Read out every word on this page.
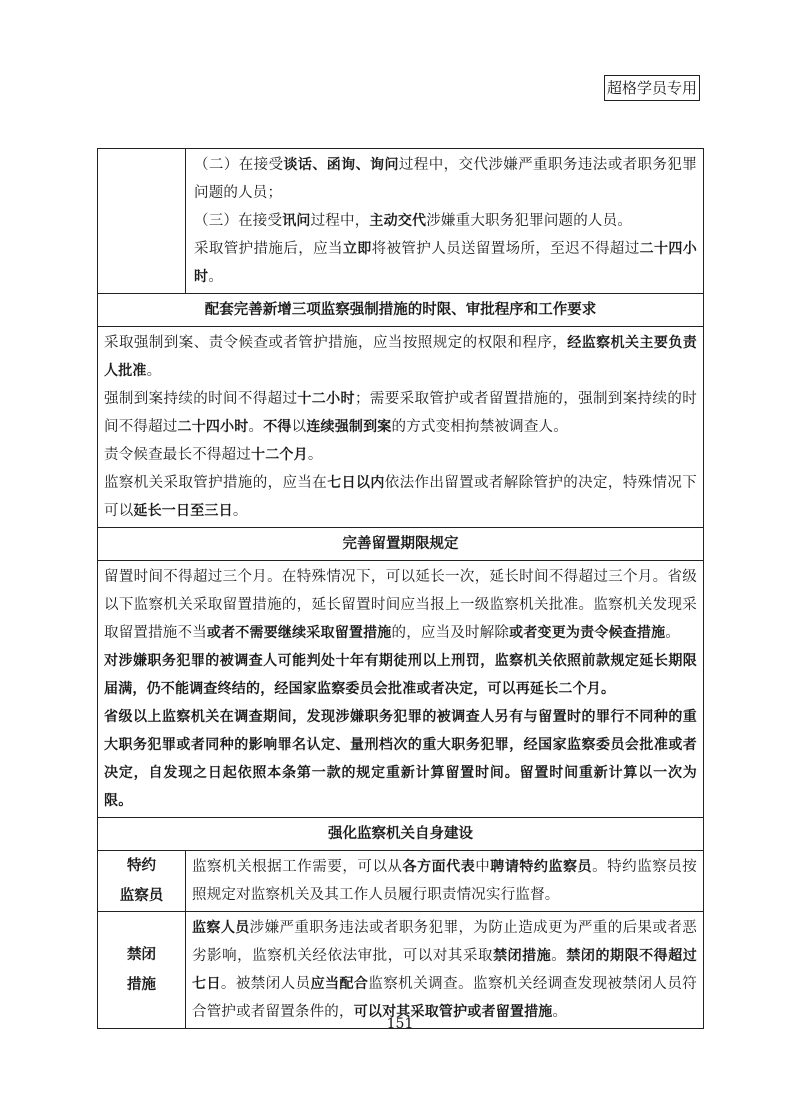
超格学员专用

	（二）在接受谈话、函询、询问过程中，交代涉嫌严重职务违法或者职务犯罪问题的人员；

（三）在接受讯问过程中，主动交代涉嫌重大职务犯罪问题的人员。

采取管护措施后，应当立即将被管护人员送留置场所，至迟不得超过二十四小时。

配套完善新增三项监察强制措施的时限、审批程序和工作要求	

采取强制到案、责令候查或者管护措施，应当按照规定的权限和程序，经监察机关主要负责人批准。

强制到案持续的时间不得超过十二小时；需要采取管护或者留置措施的，强制到案持续的时间不得超过二十四小时。不得以连续强制到案的方式变相拘禁被调查人。

责令候查最长不得超过十二个月。

监察机关采取管护措施的，应当在七日以内依法作出留置或者解除管护的决定，特殊情况下可以延长一日至三日。	

完善留置期限规定	

留置时间不得超过三个月。在特殊情况下，可以延长一次，延长时间不得超过三个月。省级以下监察机关采取留置措施的，延长留置时间应当报上一级监察机关批准。监察机关发现采取留置措施不当或者不需要继续采取留置措施的，应当及时解除或者变更为责令候查措施。

对涉嫌职务犯罪的被调查人可能判处十年有期徒刑以上刑罚，监察机关依照前款规定延长期限届满，仍不能调查终结的，经国家监察委员会批准或者决定，可以再延长二个月。

省级以上监察机关在调查期间，发现涉嫌职务犯罪的被调查人另有与留置时的罪行不同种的重大职务犯罪或者同种的影响罪名认定、量刑档次的重大职务犯罪，经国家监察委员会批准或者决定，自发现之日起依照本条第一款的规定重新计算留置时间。留置时间重新计算以一次为限。	

强化监察机关自身建设	

特约
监察员	监察机关根据工作需要，可以从各方面代表中聘请特约监察员。特约监察员按照规定对监察机关及其工作人员履行职责情况实行监督。

禁闭
措施	监察人员涉嫌严重职务违法或者职务犯罪，为防止造成更为严重的后果或者恶劣影响，监察机关经依法审批，可以对其采取禁闭措施。禁闭的期限不得超过七日。被禁闭人员应当配合监察机关调查。监察机关经调查发现被禁闭人员符合管护或者留置条件的，可以对其采取管护或者留置措施。

151
